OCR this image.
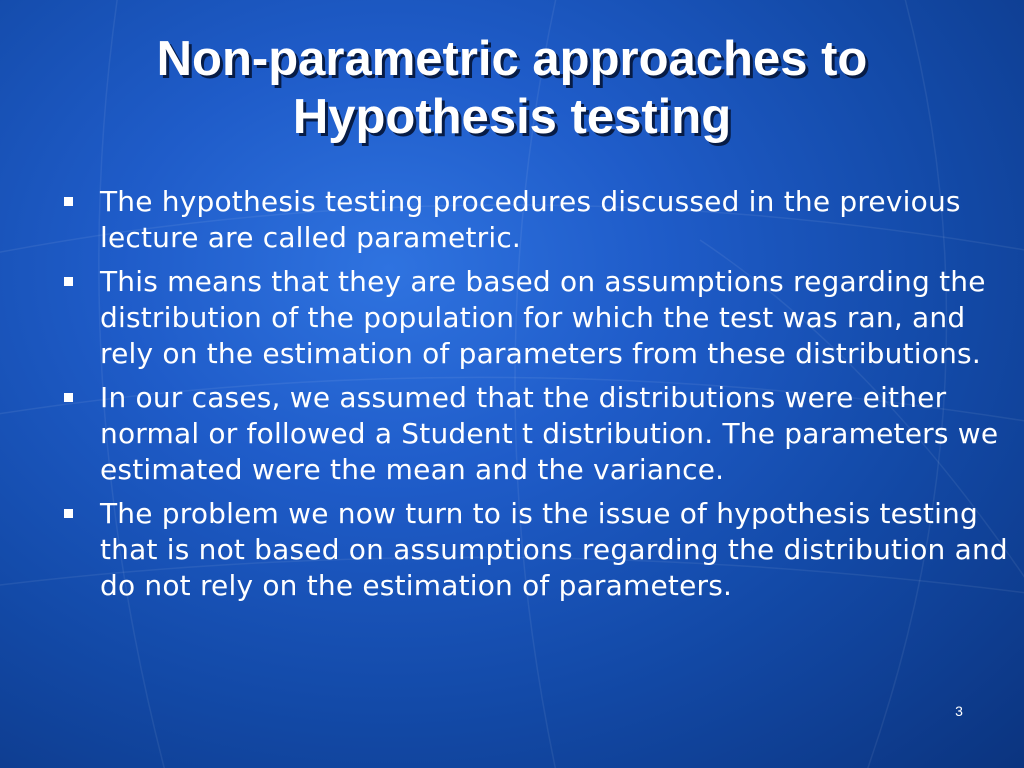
Non-parametric approaches to
Hypothesis testing
The hypothesis testing procedures discussed in the previous lecture are called parametric.
This means that they are based on assumptions regarding the distribution of the population for which the test was ran, and rely on the estimation of parameters from these distributions.
In our cases, we assumed that the distributions were either normal or followed a Student t distribution. The parameters we estimated were the mean and the variance.
The problem we now turn to is the issue of hypothesis testing that is not based on assumptions regarding the distribution and do not rely on the estimation of parameters.
3
